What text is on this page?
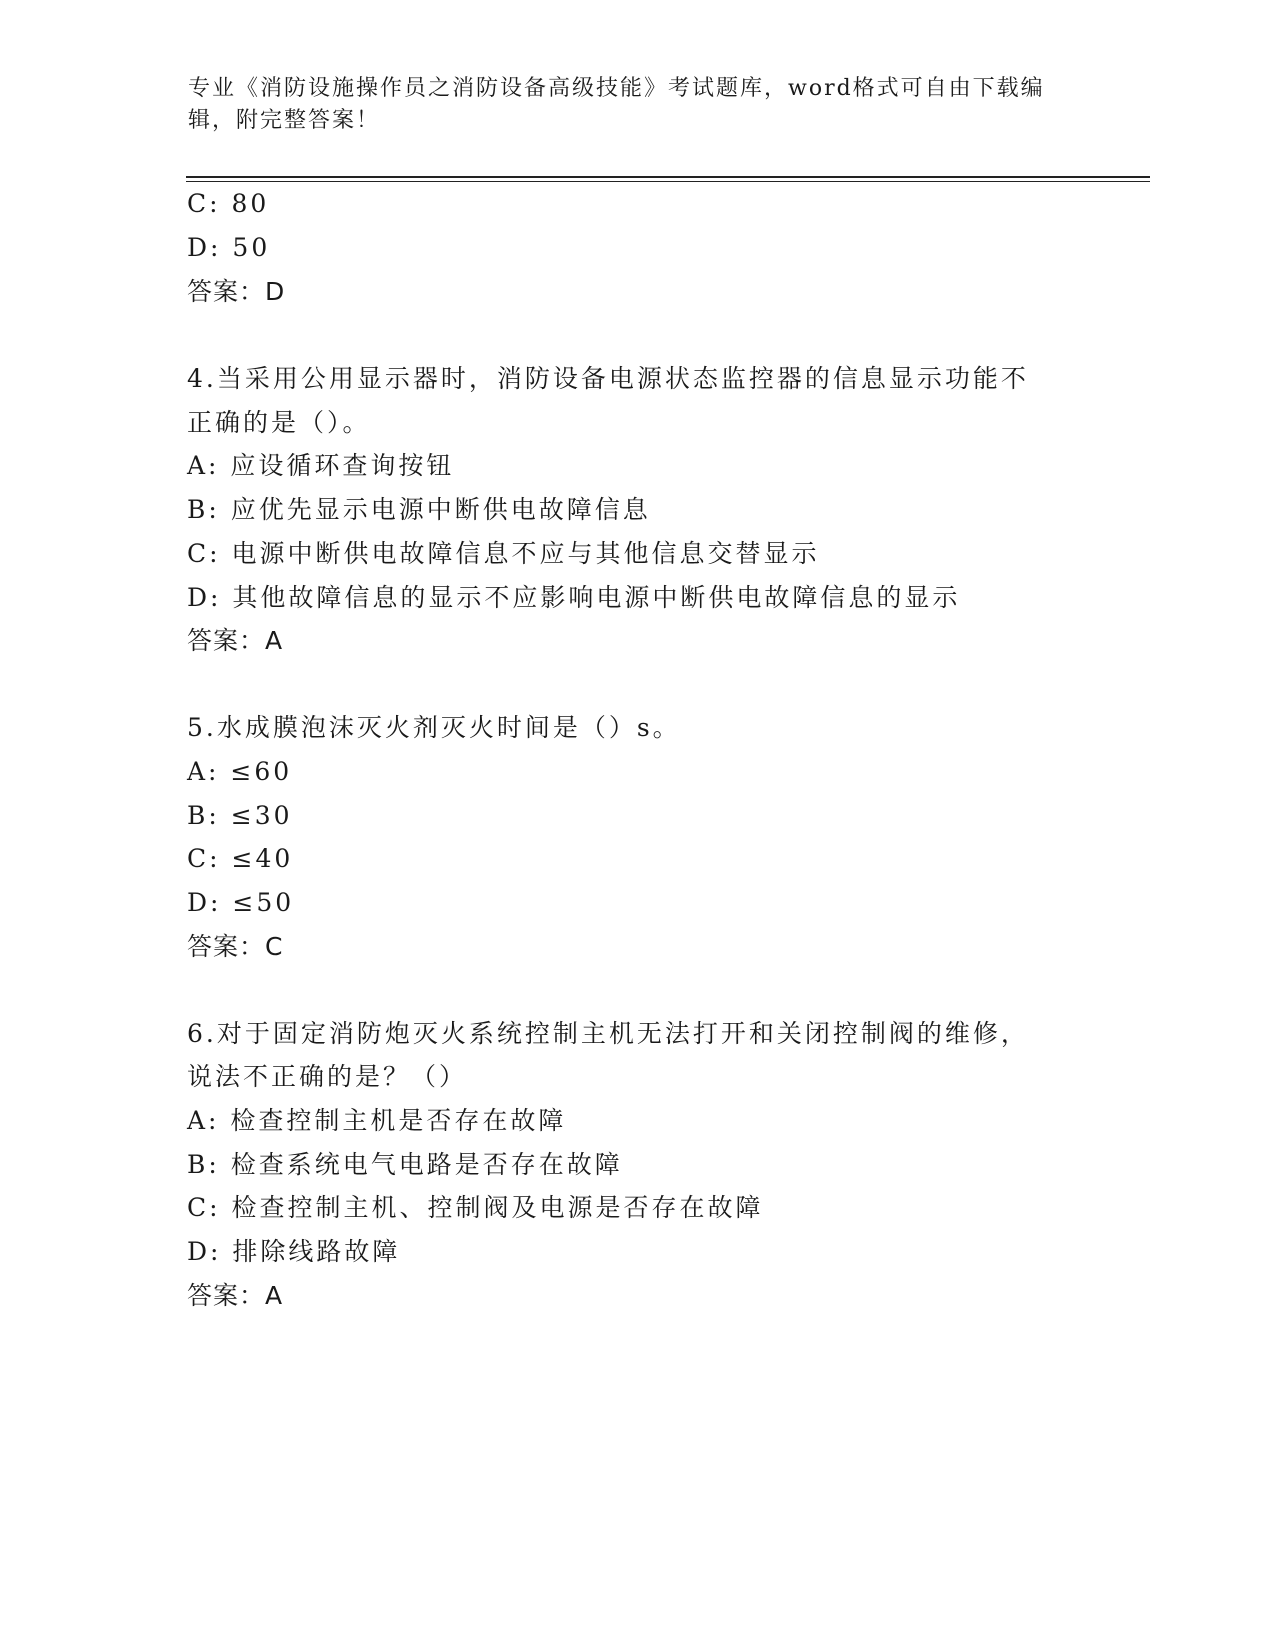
专业《消防设施操作员之消防设备高级技能》考试题库，word格式可自由下载编
辑，附完整答案！
C: 80
D: 50
答案：D
4.当采用公用显示器时，消防设备电源状态监控器的信息显示功能不
正确的是（）。
A: 应设循环查询按钮
B: 应优先显示电源中断供电故障信息
C: 电源中断供电故障信息不应与其他信息交替显示
D: 其他故障信息的显示不应影响电源中断供电故障信息的显示
答案：A
5.水成膜泡沫灭火剂灭火时间是（）s。
A: ≤60
B: ≤30
C: ≤40
D: ≤50
答案：C
6.对于固定消防炮灭火系统控制主机无法打开和关闭控制阀的维修，
说法不正确的是？（）
A: 检查控制主机是否存在故障
B: 检查系统电气电路是否存在故障
C: 检查控制主机、控制阀及电源是否存在故障
D: 排除线路故障
答案：A
